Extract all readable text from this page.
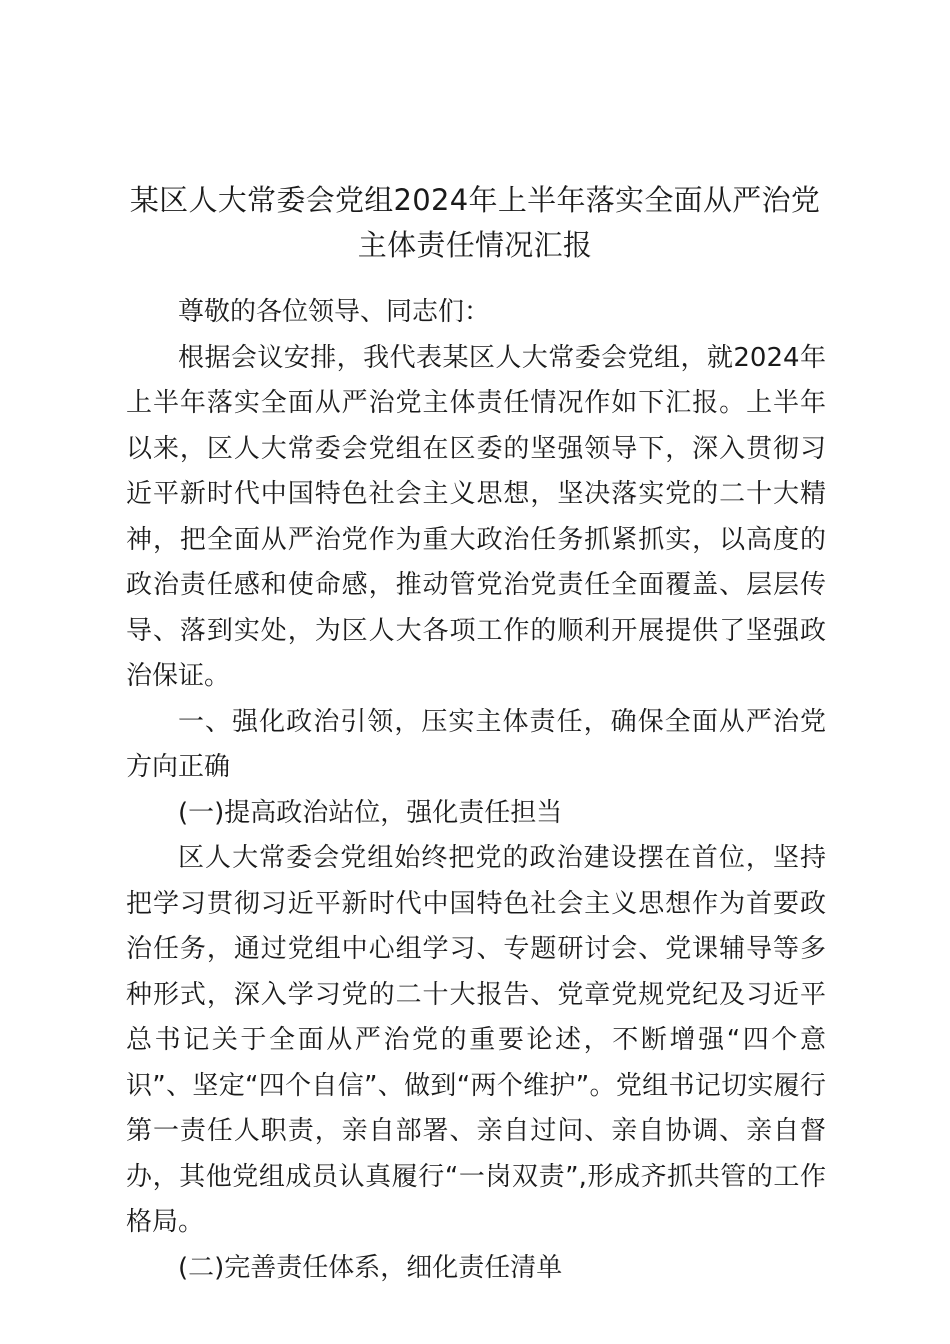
某区人大常委会党组2024年上半年落实全面从严治党
主体责任情况汇报

尊敬的各位领导、同志们：

根据会议安排，我代表某区人大常委会党组，就2024年上半年落实全面从严治党主体责任情况作如下汇报。上半年以来，区人大常委会党组在区委的坚强领导下，深入贯彻习近平新时代中国特色社会主义思想，坚决落实党的二十大精神，把全面从严治党作为重大政治任务抓紧抓实，以高度的政治责任感和使命感，推动管党治党责任全面覆盖、层层传导、落到实处，为区人大各项工作的顺利开展提供了坚强政治保证。

一、强化政治引领，压实主体责任，确保全面从严治党方向正确

(一)提高政治站位，强化责任担当

区人大常委会党组始终把党的政治建设摆在首位，坚持把学习贯彻习近平新时代中国特色社会主义思想作为首要政治任务，通过党组中心组学习、专题研讨会、党课辅导等多种形式，深入学习党的二十大报告、党章党规党纪及习近平总书记关于全面从严治党的重要论述，不断增强“四个意识”、坚定“四个自信”、做到“两个维护”。党组书记切实履行第一责任人职责，亲自部署、亲自过问、亲自协调、亲自督办，其他党组成员认真履行“一岗双责”,形成齐抓共管的工作格局。

(二)完善责任体系，细化责任清单
